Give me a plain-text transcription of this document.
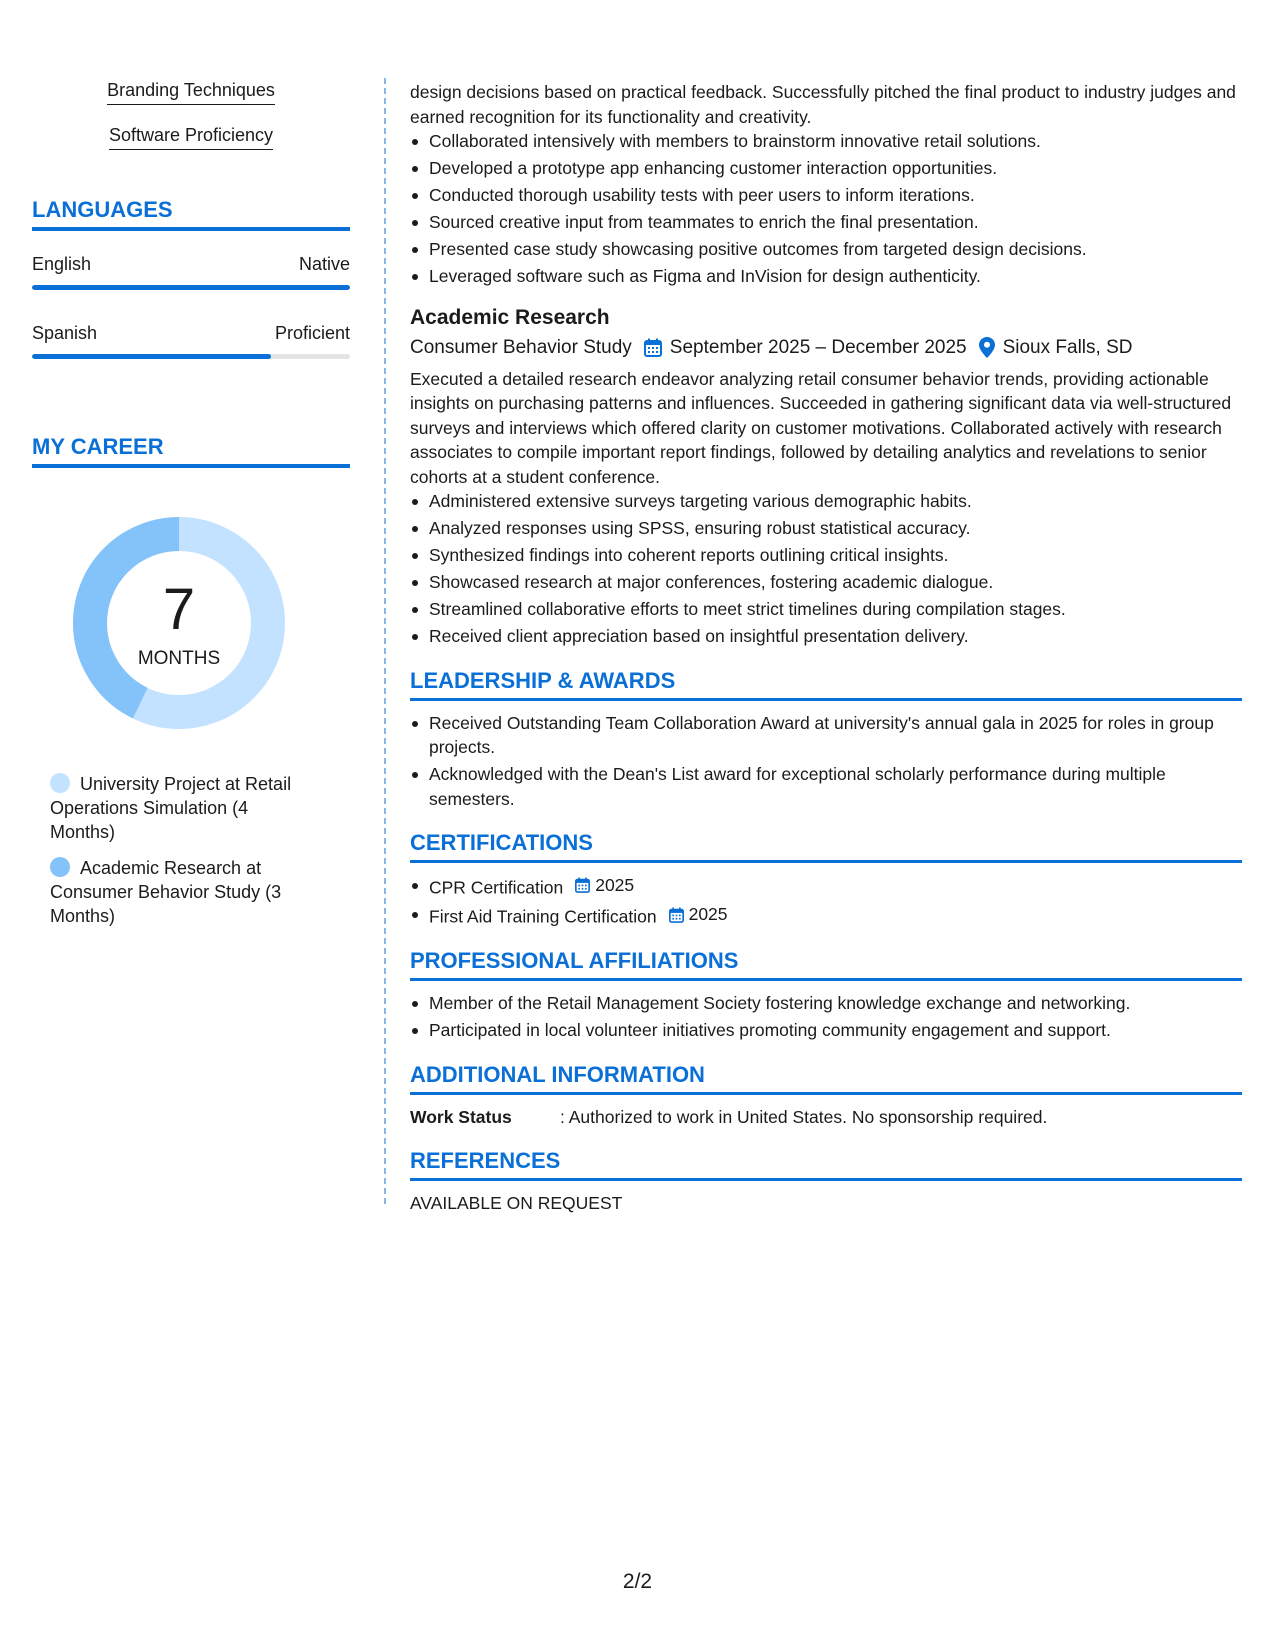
Branding Techniques
Software Proficiency
LANGUAGES
English	Native
Spanish	Proficient
MY CAREER
7
MONTHS
University Project at Retail Operations Simulation (4 Months)
Academic Research at Consumer Behavior Study (3 Months)

design decisions based on practical feedback. Successfully pitched the final product to industry judges and earned recognition for its functionality and creativity.

Collaborated intensively with members to brainstorm innovative retail solutions.
Developed a prototype app enhancing customer interaction opportunities.
Conducted thorough usability tests with peer users to inform iterations.
Sourced creative input from teammates to enrich the final presentation.
Presented case study showcasing positive outcomes from targeted design decisions.
Leveraged software such as Figma and InVision for design authenticity.
Academic Research
Consumer Behavior Study September 2025 – December 2025 Sioux Falls, SD

Executed a detailed research endeavor analyzing retail consumer behavior trends, providing actionable insights on purchasing patterns and influences. Succeeded in gathering significant data via well-structured surveys and interviews which offered clarity on customer motivations. Collaborated actively with research associates to compile important report findings, followed by detailing analytics and revelations to senior cohorts at a student conference.

Administered extensive surveys targeting various demographic habits.
Analyzed responses using SPSS, ensuring robust statistical accuracy.
Synthesized findings into coherent reports outlining critical insights.
Showcased research at major conferences, fostering academic dialogue.
Streamlined collaborative efforts to meet strict timelines during compilation stages.
Received client appreciation based on insightful presentation delivery.
LEADERSHIP & AWARDS
Received Outstanding Team Collaboration Award at university's annual gala in 2025 for roles in group projects.
Acknowledged with the Dean's List award for exceptional scholarly performance during multiple semesters.
CERTIFICATIONS
CPR Certification 2025
First Aid Training Certification 2025
PROFESSIONAL AFFILIATIONS
Member of the Retail Management Society fostering knowledge exchange and networking.
Participated in local volunteer initiatives promoting community engagement and support.
ADDITIONAL INFORMATION
Work Status	: Authorized to work in United States. No sponsorship required.
REFERENCES
AVAILABLE ON REQUEST
2/2
